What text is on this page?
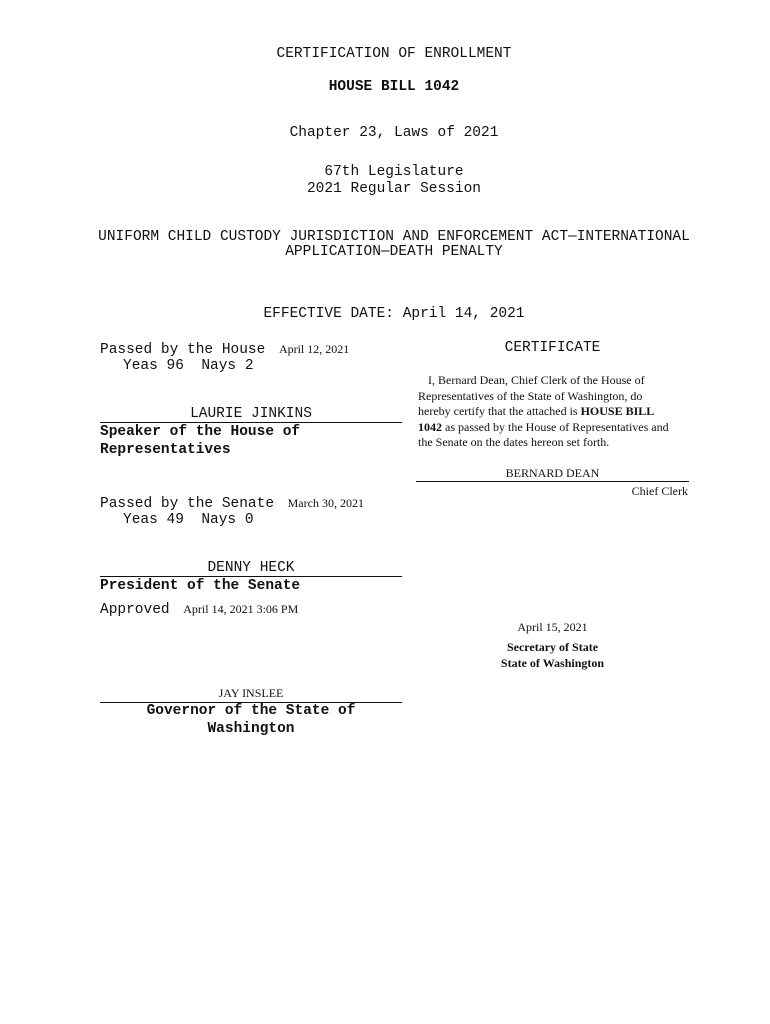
CERTIFICATION OF ENROLLMENT
HOUSE BILL 1042
Chapter 23, Laws of 2021
67th Legislature
2021 Regular Session
UNIFORM CHILD CUSTODY JURISDICTION AND ENFORCEMENT ACT—INTERNATIONAL
APPLICATION—DEATH PENALTY
EFFECTIVE DATE: April 14, 2021
Passed by the House April 12, 2021
Yeas 96  Nays 2
LAURIE JINKINS
Speaker of the House of
Representatives
Passed by the Senate March 30, 2021
Yeas 49  Nays 0
DENNY HECK
President of the Senate
Approved April 14, 2021 3:06 PM
JAY INSLEE
Governor of the State of
Washington
CERTIFICATE
I, Bernard Dean, Chief Clerk of the House of
Representatives of the State of Washington, do
hereby certify that the attached is HOUSE BILL
1042 as passed by the House of Representatives and
the Senate on the dates hereon set forth.
BERNARD DEAN
Chief Clerk
April 15, 2021
Secretary of State
State of Washington
